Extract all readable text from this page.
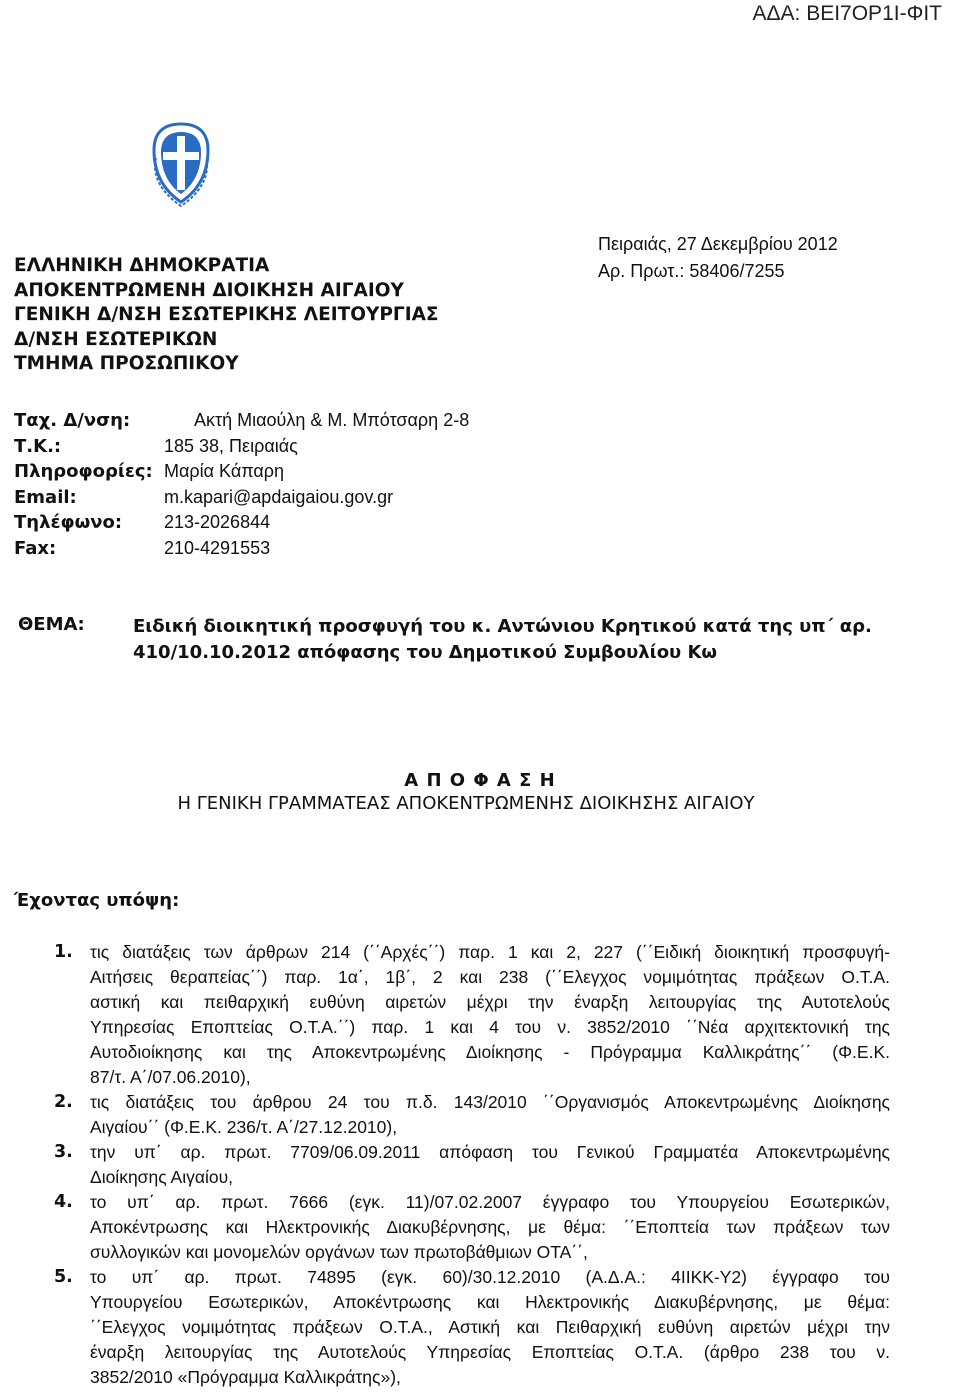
ΑΔΑ: ΒΕΙ7ΟΡ1Ι-ΦΙΤ
ΕΛΛΗΝΙΚΗ ΔΗΜΟΚΡΑΤΙΑ
ΑΠΟΚΕΝΤΡΩΜΕΝΗ ΔΙΟΙΚΗΣΗ ΑΙΓΑΙΟΥ
ΓΕΝΙΚΗ Δ/ΝΣΗ ΕΣΩΤΕΡΙΚΗΣ ΛΕΙΤΟΥΡΓΙΑΣ
Δ/ΝΣΗ ΕΣΩΤΕΡΙΚΩΝ
ΤΜΗΜΑ ΠΡΟΣΩΠΙΚΟΥ
Πειραιάς, 27 Δεκεμβρίου 2012
Αρ. Πρωτ.: 58406/7255
Ταχ. Δ/νση:	Ακτή Μιαούλη & Μ. Μπότσαρη 2-8
Τ.Κ.:	185 38, Πειραιάς
Πληροφορίες: Μαρία Κάπαρη
Email:	m.kapari@apdaigaiou.gov.gr
Τηλέφωνο: 213-2026844
Fax:	210-4291553
ΘΕΜΑ:	Ειδική διοικητική προσφυγή του κ. Αντώνιου Κρητικού κατά της υπ΄ αρ.
410/10.10.2012 απόφασης του Δημοτικού Συμβουλίου Κω
Α Π Ο Φ Α Σ Η
Η ΓΕΝΙΚΗ ΓΡΑΜΜΑΤΕΑΣ ΑΠΟΚΕΝΤΡΩΜΕΝΗΣ ΔΙΟΙΚΗΣΗΣ ΑΙΓΑΙΟΥ
Έχοντας υπόψη:
1. τις διατάξεις των άρθρων 214 (΄΄Αρχές΄΄) παρ. 1 και 2, 227 (΄΄Ειδική διοικητική προσφυγή-
Αιτήσεις θεραπείας΄΄) παρ. 1α΄, 1β΄, 2 και 238 (΄΄Ελεγχος νομιμότητας πράξεων Ο.Τ.Α.
αστική και πειθαρχική ευθύνη αιρετών μέχρι την έναρξη λειτουργίας της Αυτοτελούς
Υπηρεσίας Εποπτείας Ο.Τ.Α.΄΄) παρ. 1 και 4 του ν. 3852/2010 ΄΄Νέα αρχιτεκτονική της
Αυτοδιοίκησης και της Αποκεντρωμένης Διοίκησης - Πρόγραμμα Καλλικράτης΄΄ (Φ.Ε.Κ.
87/τ. Α΄/07.06.2010),
2. τις διατάξεις του άρθρου 24 του π.δ. 143/2010 ΄΄Οργανισμός Αποκεντρωμένης Διοίκησης
Αιγαίου΄΄ (Φ.Ε.Κ. 236/τ. Α΄/27.12.2010),
3. την υπ΄ αρ. πρωτ. 7709/06.09.2011 απόφαση του Γενικού Γραμματέα Αποκεντρωμένης
Διοίκησης Αιγαίου,
4. το υπ΄ αρ. πρωτ. 7666 (εγκ. 11)/07.02.2007 έγγραφο του Υπουργείου Εσωτερικών,
Αποκέντρωσης και Ηλεκτρονικής Διακυβέρνησης, με θέμα: ΄΄Εποπτεία των πράξεων των
συλλογικών και μονομελών οργάνων των πρωτοβάθμιων ΟΤΑ΄΄,
5. το υπ΄ αρ. πρωτ. 74895 (εγκ. 60)/30.12.2010 (Α.Δ.Α.: 4ΙΙΚΚ-Υ2) έγγραφο του
Υπουργείου Εσωτερικών, Αποκέντρωσης και Ηλεκτρονικής Διακυβέρνησης, με θέμα:
΄΄Ελεγχος νομιμότητας πράξεων Ο.Τ.Α., Αστική και Πειθαρχική ευθύνη αιρετών μέχρι την
έναρξη λειτουργίας της Αυτοτελούς Υπηρεσίας Εποπτείας Ο.Τ.Α. (άρθρο 238 του ν.
3852/2010 «Πρόγραμμα Καλλικράτης»),
